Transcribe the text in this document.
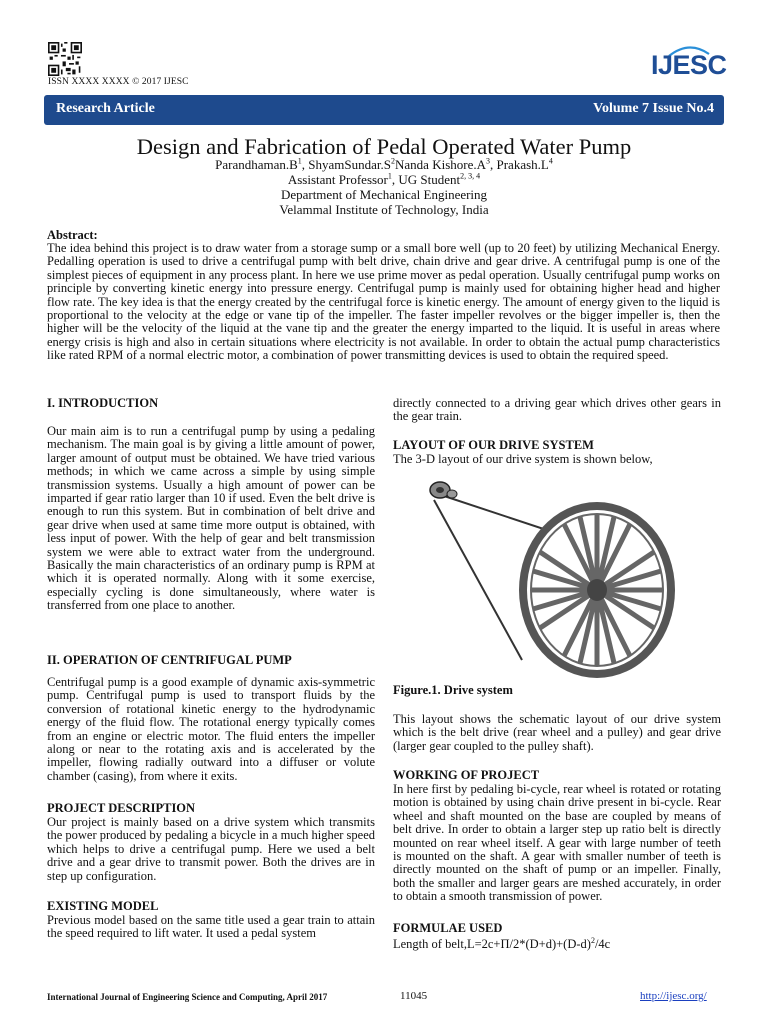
ISSN XXXX XXXX © 2017 IJESC
IJESC
Research Article	Volume 7 Issue No.4
Design and Fabrication of Pedal Operated Water Pump
$Parandhaman.B^1$, $ShyamSundar.S^2Nanda$ $Kishore.A^3$, $Prakash.L^4$
Assistant Professor$^1$, UG Student$^{2, 3, 4}$
Department of Mechanical Engineering
Velammal Institute of Technology, India
Abstract:
The idea behind this project is to draw water from a storage sump or a small bore well (up to 20 feet) by utilizing Mechanical Energy. Pedalling operation is used to drive a centrifugal pump with belt drive, chain drive and gear drive. A centrifugal pump is one of the simplest pieces of equipment in any process plant. In here we use prime mover as pedal operation. Usually centrifugal pump works on principle by converting kinetic energy into pressure energy. Centrifugal pump is mainly used for obtaining higher head and higher flow rate. The key idea is that the energy created by the centrifugal force is kinetic energy. The amount of energy given to the liquid is proportional to the velocity at the edge or vane tip of the impeller. The faster impeller revolves or the bigger impeller is, then the higher will be the velocity of the liquid at the vane tip and the greater the energy imparted to the liquid. It is useful in areas where energy crisis is high and also in certain situations where electricity is not available. In order to obtain the actual pump characteristics like rated RPM of a normal electric motor, a combination of power transmitting devices is used to obtain the required speed.
I. INTRODUCTION
Our main aim is to run a centrifugal pump by using a pedaling mechanism. The main goal is by giving a little amount of power, larger amount of output must be obtained. We have tried various methods; in which we came across a simple by using simple transmission systems. Usually a high amount of power can be imparted if gear ratio larger than 10 if used. Even the belt drive is enough to run this system. But in combination of belt drive and gear drive when used at same time more output is obtained, with less input of power. With the help of gear and belt transmission system we were able to extract water from the underground. Basically the main characteristics of an ordinary pump is RPM at which it is operated normally. Along with it some exercise, especially cycling is done simultaneously, where water is transferred from one place to another.
II. OPERATION OF CENTRIFUGAL PUMP
Centrifugal pump is a good example of dynamic axis-symmetric pump. Centrifugal pump is used to transport fluids by the conversion of rotational kinetic energy to the hydrodynamic energy of the fluid flow. The rotational energy typically comes from an engine or electric motor. The fluid enters the impeller along or near to the rotating axis and is accelerated by the impeller, flowing radially outward into a diffuser or volute chamber (casing), from where it exits.
PROJECT DESCRIPTION
Our project is mainly based on a drive system which transmits the power produced by pedaling a bicycle in a much higher speed which helps to drive a centrifugal pump. Here we used a belt drive and a gear drive to transmit power. Both the drives are in step up configuration.
EXISTING MODEL
Previous model based on the same title used a gear train to attain the speed required to lift water. It used a pedal system
directly connected to a driving gear which drives other gears in the gear train.
LAYOUT OF OUR DRIVE SYSTEM
The 3-D layout of our drive system is shown below,
Figure.1. Drive system
This layout shows the schematic layout of our drive system which is the belt drive (rear wheel and a pulley) and gear drive (larger gear coupled to the pulley shaft).
WORKING OF PROJECT
In here first by pedaling bi-cycle, rear wheel is rotated or rotating motion is obtained by using chain drive present in bi-cycle. Rear wheel and shaft mounted on the base are coupled by means of belt drive. In order to obtain a larger step up ratio belt is directly mounted on rear wheel itself. A gear with large number of teeth is mounted on the shaft. A gear with smaller number of teeth is directly mounted on the shaft of pump or an impeller. Finally, both the smaller and larger gears are meshed accurately, in order to obtain a smooth transmission of power.
FORMULAE USED
Length of $belt,L=2c+\Pi/2*(D+d)+(D-d)^2/4c$
International Journal of Engineering Science and Computing, April 2017	11045	http://ijesc.org/
